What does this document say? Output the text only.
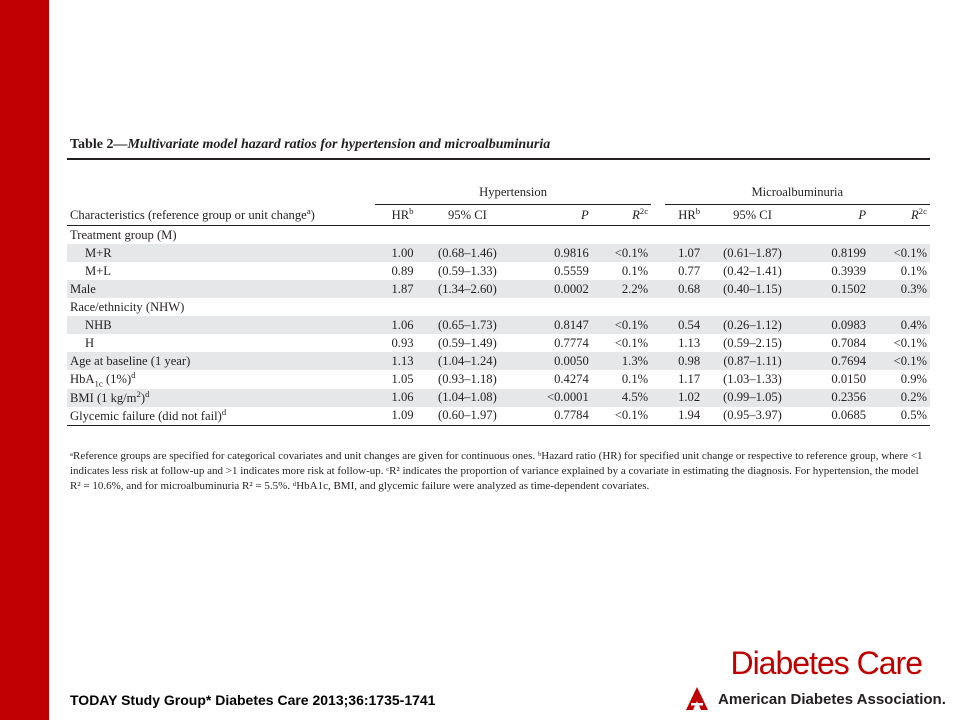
Table 2—Multivariate model hazard ratios for hypertension and microalbuminuria
	Hypertension					Microalbuminuria			
Characteristics (reference group or unit change$^a$)	$HR^b$	95% CI	P	$R^{2c}$		$HR^b$	95% CI	P	$R^{2c}$
Treatment group (M)									
M+R	1.00	(0.68–1.46)	0.9816	<0.1%		1.07	(0.61–1.87)	0.8199	<0.1%
M+L	0.89	(0.59–1.33)	0.5559	0.1%		0.77	(0.42–1.41)	0.3939	0.1%
Male	1.87	(1.34–2.60)	0.0002	2.2%		0.68	(0.40–1.15)	0.1502	0.3%
Race/ethnicity (NHW)									
NHB	1.06	(0.65–1.73)	0.8147	<0.1%		0.54	(0.26–1.12)	0.0983	0.4%
H	0.93	(0.59–1.49)	0.7774	<0.1%		1.13	(0.59–2.15)	0.7084	<0.1%
Age at baseline (1 year)	1.13	(1.04–1.24)	0.0050	1.3%		0.98	(0.87–1.11)	0.7694	<0.1%
HbA$_{1c}$ $(1\%)^d$	1.05	(0.93–1.18)	0.4274	0.1%		1.17	(1.03–1.33)	0.0150	0.9%
BMI (1 $kg/m^2)^d$	1.06	(1.04–1.08)	<0.0001	4.5%		1.02	(0.99–1.05)	0.2356	0.2%
Glycemic failure (did not fail)$^d$	1.09	(0.60–1.97)	0.7784	<0.1%		1.94	(0.95–3.97)	0.0685	0.5%
ᵃReference groups are specified for categorical covariates and unit changes are given for continuous ones. ᵇHazard ratio (HR) for specified unit change or respective to reference group, where <1 indicates less risk at follow-up and >1 indicates more risk at follow-up. ᶜR² indicates the proportion of variance explained by a covariate in estimating the diagnosis. For hypertension, the model R² = 10.6%, and for microalbuminuria R² = 5.5%. ᵈHbA1c, BMI, and glycemic failure were analyzed as time-dependent covariates.
Diabetes Care
American Diabetes Association.
TODAY Study Group* Diabetes Care 2013;36:1735-1741
